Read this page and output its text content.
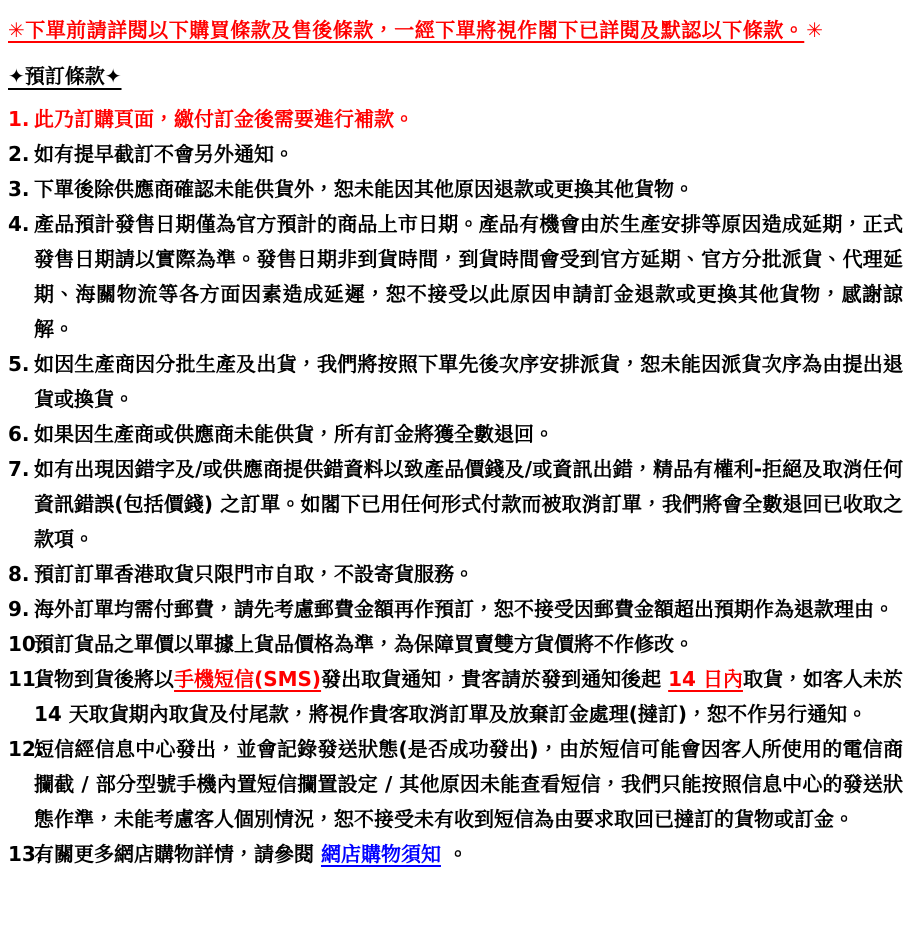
✳下單前請詳閱以下購買條款及售後條款，一經下單將視作閣下已詳閱及默認以下條款。 ✳

✦預訂條款✦
1. 此乃訂購頁面，繳付訂金後需要進行補款。
2. 如有提早截訂不會另外通知。
3. 下單後除供應商確認未能供貨外，恕未能因其他原因退款或更換其他貨物。
4. 產品預計發售日期僅為官方預計的商品上市日期。產品有機會由於生產安排等原因造成延期，正式發售日期請以實際為準。發售日期非到貨時間，到貨時間會受到官方延期、官方分批派貨、代理延期、海關物流等各方面因素造成延遲，恕不接受以此原因申請訂金退款或更換其他貨物，感謝諒解。
5. 如因生產商因分批生產及出貨，我們將按照下單先後次序安排派貨，恕未能因派貨次序為由提出退貨或換貨。
6. 如果因生產商或供應商未能供貨，所有訂金將獲全數退回。
7. 如有出現因錯字及/或供應商提供錯資料以致產品價錢及/或資訊出錯，精品有權利-拒絕及取消任何資訊錯誤(包括價錢) 之訂單。如閣下已用任何形式付款而被取消訂單，我們將會全數退回已收取之款項。
8. 預訂訂單香港取貨只限門市自取，不設寄貨服務。
9. 海外訂單均需付郵費，請先考慮郵費金額再作預訂，恕不接受因郵費金額超出預期作為退款理由。
10.
預訂貨品之單價以單據上貨品價格為準，為保障買賣雙方貨價將不作修改。
11.
貨物到貨後將以手機短信(SMS)發出取貨通知，貴客請於發到通知後起 14 日內取貨，如客人未於 14 天取貨期內取貨及付尾款，將視作貴客取消訂單及放棄訂金處理(撻訂)，恕不作另行通知。
12.
短信經信息中心發出，並會記錄發送狀態(是否成功發出)，由於短信可能會因客人所使用的電信商攔截 / 部分型號手機內置短信攔置設定 / 其他原因未能查看短信，我們只能按照信息中心的發送狀態作準，未能考慮客人個別情況，恕不接受未有收到短信為由要求取回已撻訂的貨物或訂金。
13.
有關更多網店購物詳情，請參閱 網店購物須知 。
